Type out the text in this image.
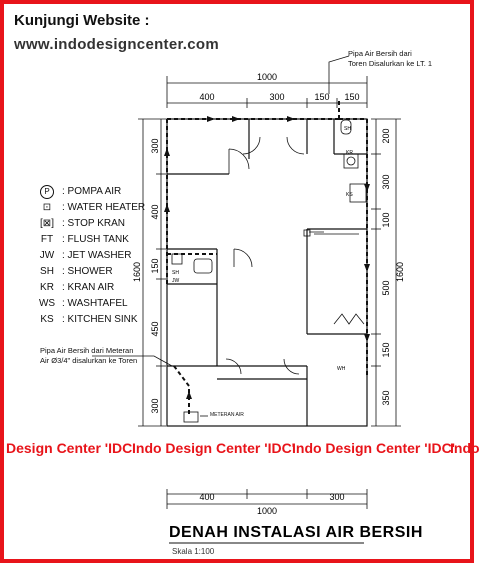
Kunjungi Website :
www.indodesigncenter.com
1000
400	300	150 150
300
400
150
450
300
1600
200
300
100
500
150
350
1600
SH
KS
KR
SH
JW
WH
400
1000
300
Pipa Air Bersih dari
Toren Disalurkan ke LT. 1
Pipa Air Bersih dari Meteran
Air Ø3/4" disalurkan ke Toren
METERAN AIR
P	: POMPA AIR
⊡	: WATER HEATER
[⊠] : STOP KRAN
FT : FLUSH TANK
JW : JET WASHER
SH : SHOWER
KR : KRAN AIR
WS : WASHTAFEL
KS : KITCHEN SINK
Design Center 'IDC'
Indo Design Center 'IDC'
Indo Design Center 'IDC'
Indo
DENAH INSTALASI AIR BERSIH
Skala 1:100
